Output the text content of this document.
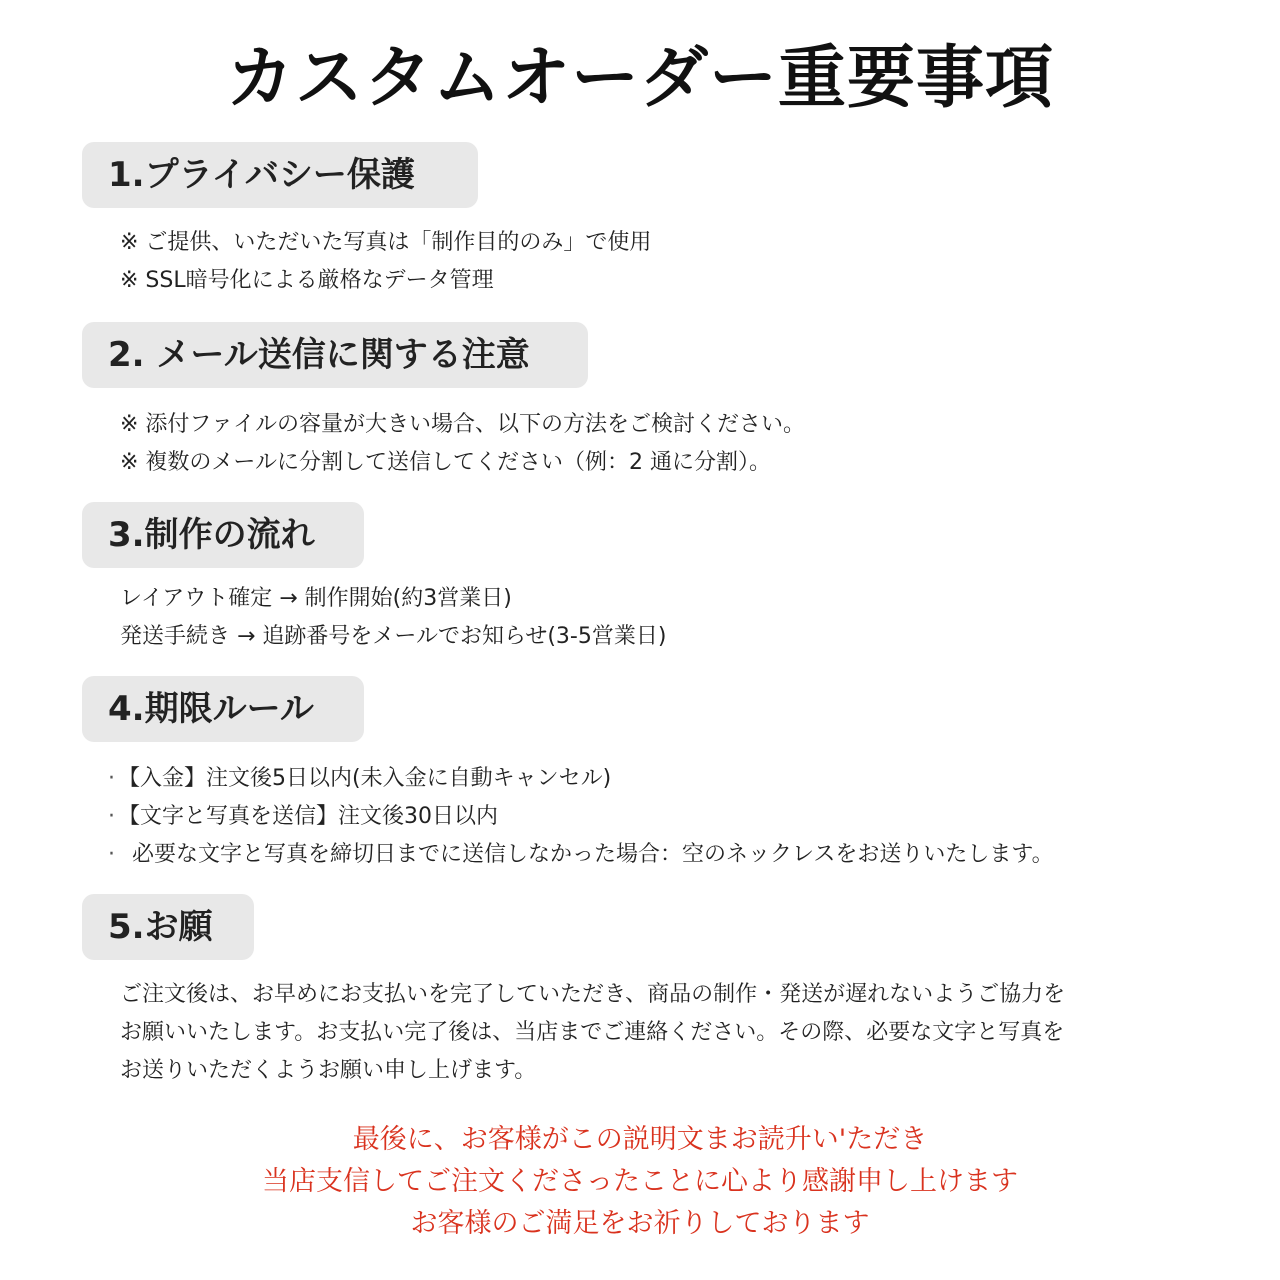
カスタムオーダー重要事項
1.プライバシー保護
※ ご提供、いただいた写真は「制作目的のみ」で使用
※ SSL暗号化による厳格なデータ管理
2. メール送信に関する注意
※ 添付ファイルの容量が大きい場合、以下の方法をご検討ください。
※ 複数のメールに分割して送信してください（例：2 通に分割）。
3.制作の流れ
レイアウト確定 → 制作開始(約3営業日)
発送手続き → 追跡番号をメールでお知らせ(3-5営業日)
4.期限ルール
· 【入金】注文後5日以内(未入金に自動キャンセル)
· 【文字と写真を送信】注文後30日以内
·  必要な文字と写真を締切日までに送信しなかった場合：空のネックレスをお送りいたします。
5.お願
ご注文後は、お早めにお支払いを完了していただき、商品の制作・発送が遅れないようご協力を
お願いいたします。お支払い完了後は、当店までご連絡ください。その際、必要な文字と写真を
お送りいただくようお願い申し上げます。
最後に、お客様がこの説明文まお読升い'ただき
当店支信してご注文くださったことに心より感謝申し上けます
お客様のご満足をお祈りしております
